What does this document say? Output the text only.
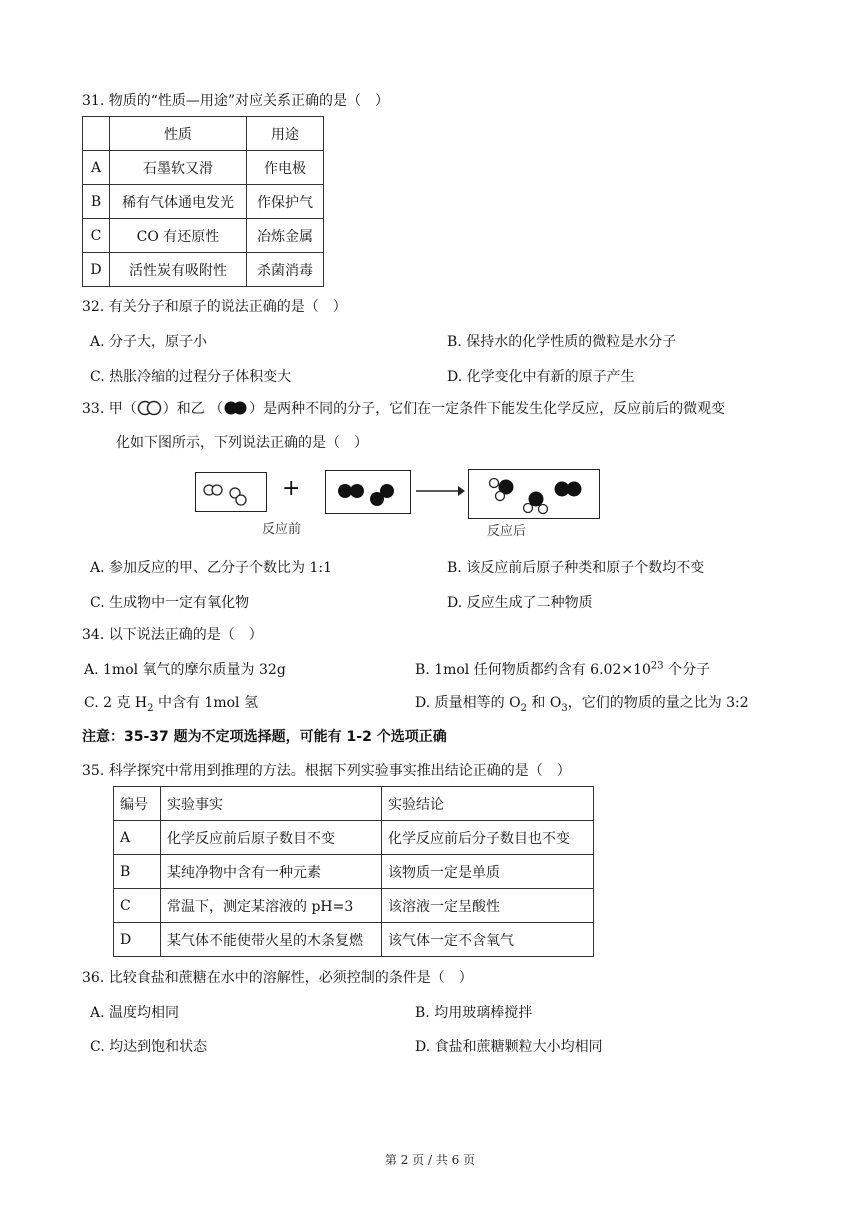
31. 物质的“性质—用途”对应关系正确的是（　）
	性质	用途
A	石墨软又滑	作电极
B	稀有气体通电发光	作保护气
C	CO 有还原性	冶炼金属
D	活性炭有吸附性	杀菌消毒
32. 有关分子和原子的说法正确的是（　）
A. 分子大，原子小	B. 保持水的化学性质的微粒是水分子
C. 热胀冷缩的过程分子体积变大	D. 化学变化中有新的原子产生
33. 甲（ ）和乙 （ ）是两种不同的分子，它们在一定条件下能发生化学反应，反应前后的微观变
化如下图所示，下列说法正确的是（　）
+
反应前	反应后
A. 参加反应的甲、乙分子个数比为 1:1	B. 该反应前后原子种类和原子个数均不变
C. 生成物中一定有氧化物	D. 反应生成了二种物质
34. 以下说法正确的是（　）
A. 1mol 氧气的摩尔质量为 32g	B. 1mol 任何物质都约含有 $6.02\times 10^{23}$ 个分子
C. 2 克 $H_2$ 中含有 1mol 氢	D. 质量相等的 $O_2$ 和 $O_3$，它们的物质的量之比为 3:2
注意：35-37 题为不定项选择题，可能有 1-2 个选项正确
35. 科学探究中常用到推理的方法。根据下列实验事实推出结论正确的是（　）
编号	实验事实	实验结论
A	化学反应前后原子数目不变	化学反应前后分子数目也不变
B	某纯净物中含有一种元素	该物质一定是单质
C	常温下，测定某溶液的 pH=3	该溶液一定呈酸性
D	某气体不能使带火星的木条复燃	该气体一定不含氧气
36. 比较食盐和蔗糖在水中的溶解性，必须控制的条件是（　）
A. 温度均相同	B. 均用玻璃棒搅拌
C. 均达到饱和状态	D. 食盐和蔗糖颗粒大小均相同
第 2 页 / 共 6 页
